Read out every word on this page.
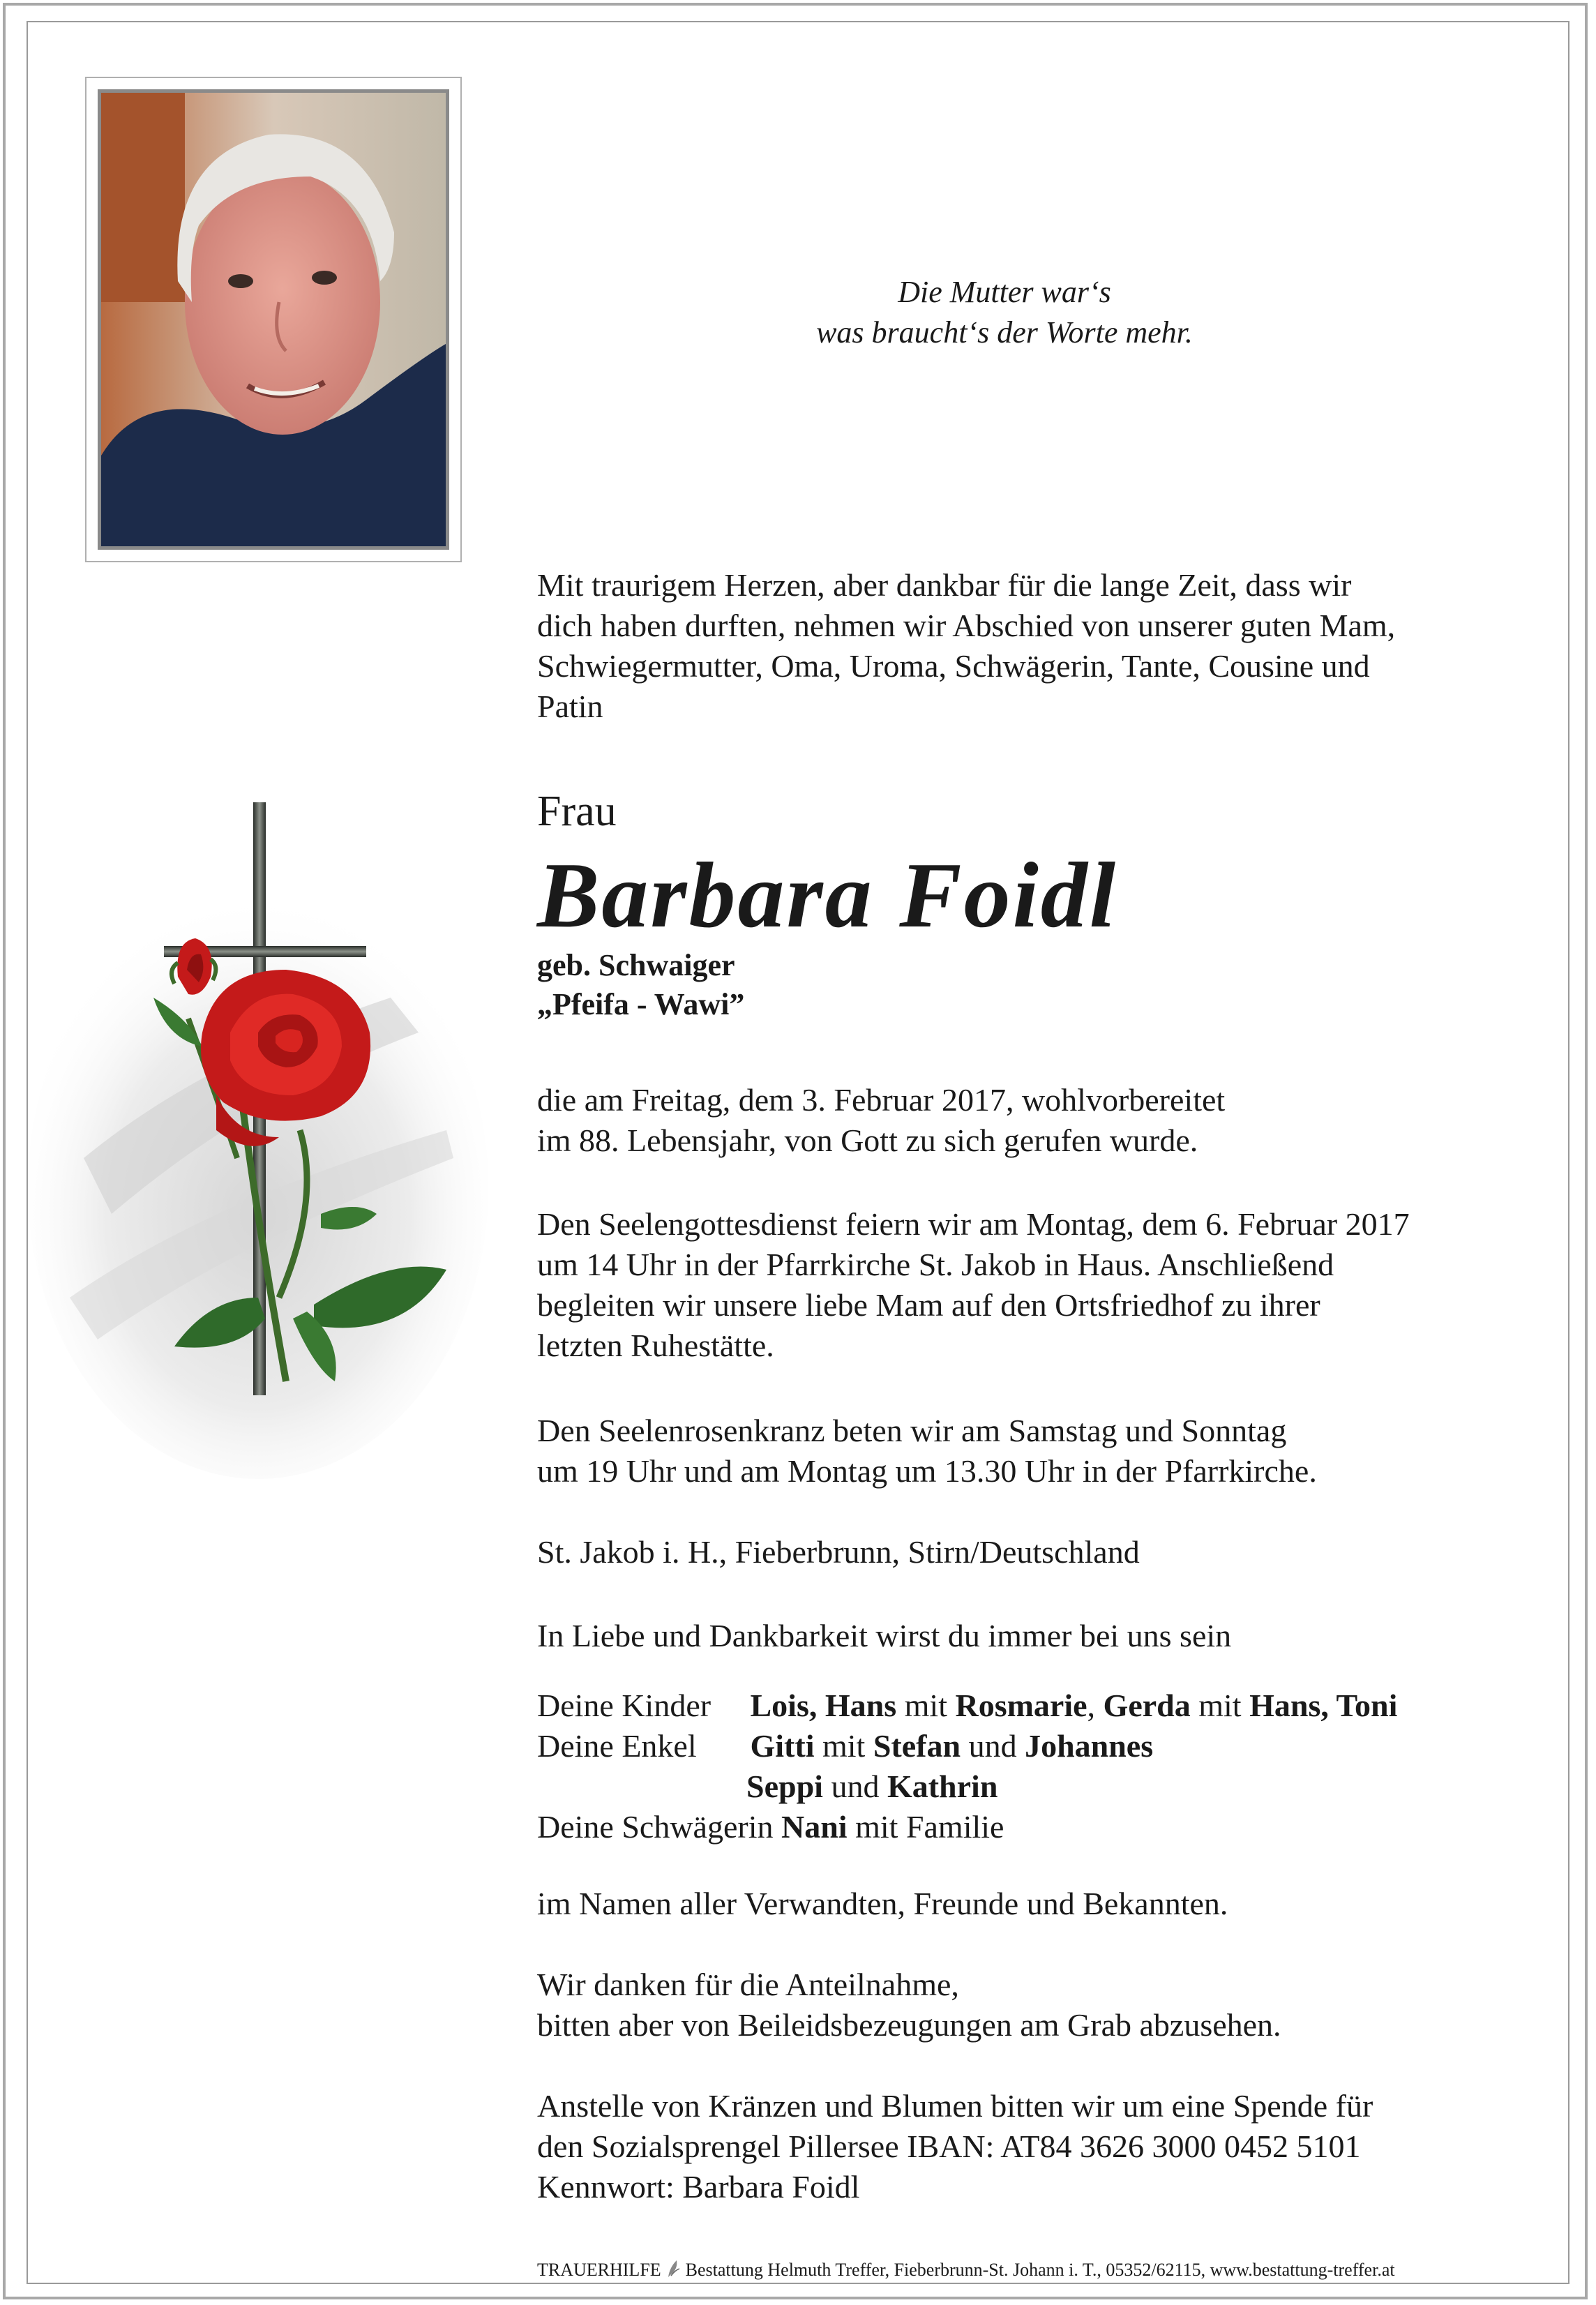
Die Mutter war‘s
was braucht‘s der Worte mehr.
Mit traurigem Herzen, aber dankbar für die lange Zeit, dass wir
dich haben durften, nehmen wir Abschied von unserer guten Mam,
Schwiegermutter, Oma, Uroma, Schwägerin, Tante, Cousine und
Patin
Frau
Barbara Foidl
geb. Schwaiger
„Pfeifa - Wawi”
die am Freitag, dem 3. Februar 2017, wohlvorbereitet
im 88. Lebensjahr, von Gott zu sich gerufen wurde.
Den Seelengottesdienst feiern wir am Montag, dem 6. Februar 2017
um 14 Uhr in der Pfarrkirche St. Jakob in Haus. Anschließend
begleiten wir unsere liebe Mam auf den Ortsfriedhof zu ihrer
letzten Ruhestätte.
Den Seelenrosenkranz beten wir am Samstag und Sonntag
um 19 Uhr und am Montag um 13.30 Uhr in der Pfarrkirche.
St. Jakob i. H., Fieberbrunn, Stirn/Deutschland
In Liebe und Dankbarkeit wirst du immer bei uns sein
Deine Kinder Lois, Hans mit Rosmarie, Gerda mit Hans, Toni
Deine Enkel Gitti mit Stefan und Johannes
Seppi und Kathrin
Deine Schwägerin Nani mit Familie
im Namen aller Verwandten, Freunde und Bekannten.
Wir danken für die Anteilnahme,
bitten aber von Beileidsbezeugungen am Grab abzusehen.
Anstelle von Kränzen und Blumen bitten wir um eine Spende für
den Sozialsprengel Pillersee IBAN: AT84 3626 3000 0452 5101
Kennwort: Barbara Foidl
TRAUERHILFE Bestattung Helmuth Treffer, Fieberbrunn-St. Johann i. T., 05352/62115, www.bestattung-treffer.at
